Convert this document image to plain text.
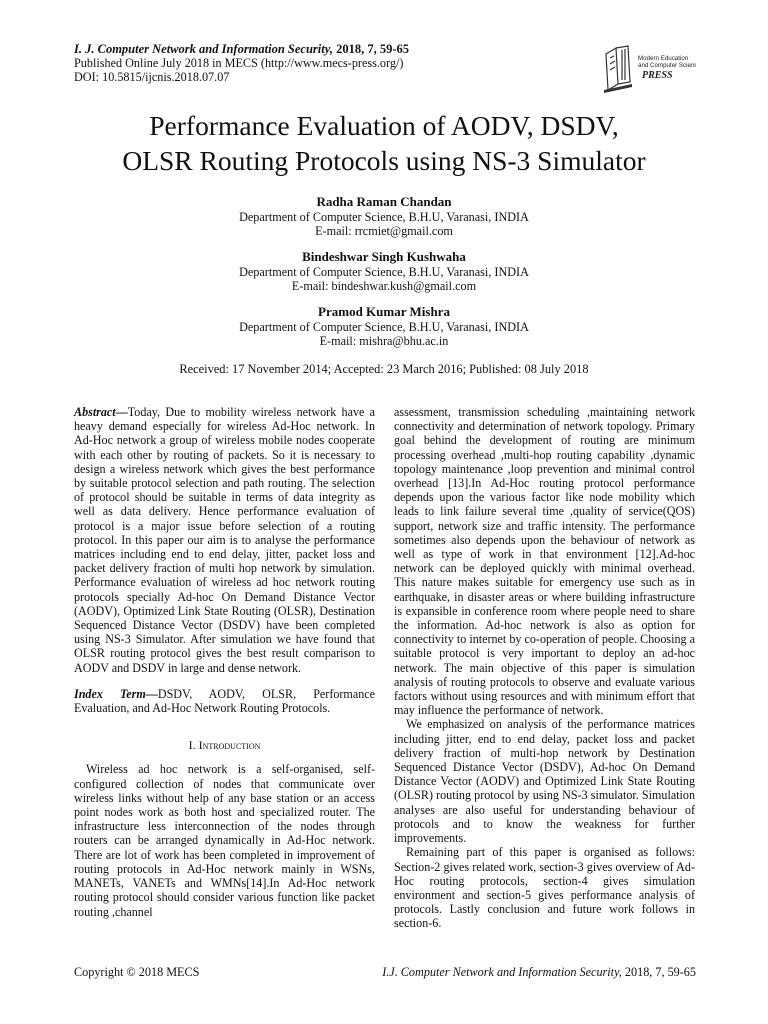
I. J. Computer Network and Information Security, 2018, 7, 59-65
Published Online July 2018 in MECS (http://www.mecs-press.org/)
DOI: 10.5815/ijcnis.2018.07.07
Modern Education
and Computer Science
PRESS
Performance Evaluation of AODV, DSDV,
OLSR Routing Protocols using NS-3 Simulator
Radha Raman Chandan
Department of Computer Science, B.H.U, Varanasi, INDIA
E-mail: rrcmiet@gmail.com
Bindeshwar Singh Kushwaha
Department of Computer Science, B.H.U, Varanasi, INDIA
E-mail: bindeshwar.kush@gmail.com
Pramod Kumar Mishra
Department of Computer Science, B.H.U, Varanasi, INDIA
E-mail: mishra@bhu.ac.in
Received: 17 November 2014; Accepted: 23 March 2016; Published: 08 July 2018

Abstract—Today, Due to mobility wireless network have a heavy demand especially for wireless Ad-Hoc network. In Ad-Hoc network a group of wireless mobile nodes cooperate with each other by routing of packets. So it is necessary to design a wireless network which gives the best performance by suitable protocol selection and path routing. The selection of protocol should be suitable in terms of data integrity as well as data delivery. Hence performance evaluation of protocol is a major issue before selection of a routing protocol. In this paper our aim is to analyse the performance matrices including end to end delay, jitter, packet loss and packet delivery fraction of multi hop network by simulation. Performance evaluation of wireless ad hoc network routing protocols specially Ad-hoc On Demand Distance Vector (AODV), Optimized Link State Routing (OLSR), Destination Sequenced Distance Vector (DSDV) have been completed using NS-3 Simulator. After simulation we have found that OLSR routing protocol gives the best result comparison to AODV and DSDV in large and dense network.

Index Term—DSDV, AODV, OLSR, Performance Evaluation, and Ad-Hoc Network Routing Protocols.

I. Introduction

Wireless ad hoc network is a self-organised, self-configured collection of nodes that communicate over wireless links without help of any base station or an access point nodes work as both host and specialized router. The infrastructure less interconnection of the nodes through routers can be arranged dynamically in Ad-Hoc network. There are lot of work has been completed in improvement of routing protocols in Ad-Hoc network mainly in WSNs, MANETs, VANETs and WMNs[14].In Ad-Hoc network routing protocol should consider various function like packet routing ,channel

assessment, transmission scheduling ,maintaining network connectivity and determination of network topology. Primary goal behind the development of routing are minimum processing overhead ,multi-hop routing capability ,dynamic topology maintenance ,loop prevention and minimal control overhead [13].In Ad-Hoc routing protocol performance depends upon the various factor like node mobility which leads to link failure several time ,quality of service(QOS) support, network size and traffic intensity. The performance sometimes also depends upon the behaviour of network as well as type of work in that environment [12].Ad-hoc network can be deployed quickly with minimal overhead. This nature makes suitable for emergency use such as in earthquake, in disaster areas or where building infrastructure is expansible in conference room where people need to share the information. Ad-hoc network is also as option for connectivity to internet by co-operation of people. Choosing a suitable protocol is very important to deploy an ad-hoc network. The main objective of this paper is simulation analysis of routing protocols to observe and evaluate various factors without using resources and with minimum effort that may influence the performance of network.

We emphasized on analysis of the performance matrices including jitter, end to end delay, packet loss and packet delivery fraction of multi-hop network by Destination Sequenced Distance Vector (DSDV), Ad-hoc On Demand Distance Vector (AODV) and Optimized Link State Routing (OLSR) routing protocol by using NS-3 simulator. Simulation analyses are also useful for understanding behaviour of protocols and to know the weakness for further improvements.

Remaining part of this paper is organised as follows: Section-2 gives related work, section-3 gives overview of Ad-Hoc routing protocols, section-4 gives simulation environment and section-5 gives performance analysis of protocols. Lastly conclusion and future work follows in section-6.

Copyright © 2018 MECS	I.J. Computer Network and Information Security, 2018, 7, 59-65
